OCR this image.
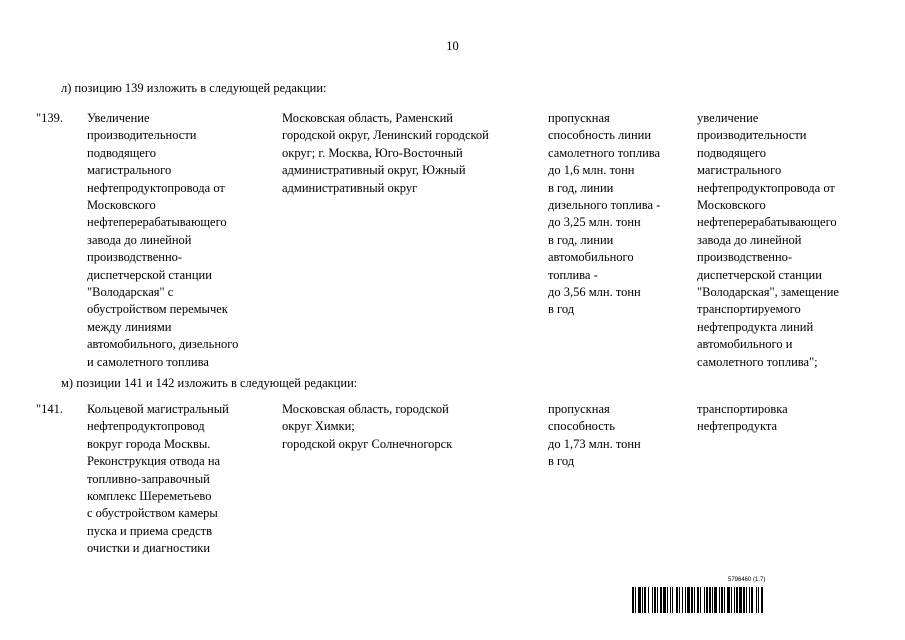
10
л) позицию 139 изложить в следующей редакции:
"139.	Увеличение
производительности
подводящего
магистрального
нефтепродуктопровода от
Московского
нефтеперерабатывающего
завода до линейной
производственно-
диспетчерской станции
"Володарская" с
обустройством перемычек
между линиями
автомобильного, дизельного
и самолетного топлива
Московская область, Раменский
городской округ, Ленинский городской
округ; г. Москва, Юго-Восточный
административный округ, Южный
административный округ
пропускная
способность линии
самолетного топлива
до 1,6 млн. тонн
в год, линии
дизельного топлива -
до 3,25 млн. тонн
в год, линии
автомобильного
топлива -
до 3,56 млн. тонн
в год
увеличение
производительности
подводящего
магистрального
нефтепродуктопровода от
Московского
нефтеперерабатывающего
завода до линейной
производственно-
диспетчерской станции
"Володарская", замещение
транспортируемого
нефтепродукта линий
автомобильного и
самолетного топлива";
м) позиции 141 и 142 изложить в следующей редакции:
"141.	Кольцевой магистральный
нефтепродуктопровод
вокруг города Москвы.
Реконструкция отвода на
топливно-заправочный
комплекс Шереметьево
с обустройством камеры
пуска и приема средств
очистки и диагностики
Московская область, городской
округ Химки;
городской округ Солнечногорск
пропускная
способность
до 1,73 млн. тонн
в год
транспортировка
нефтепродукта
5796460 (1.7)
